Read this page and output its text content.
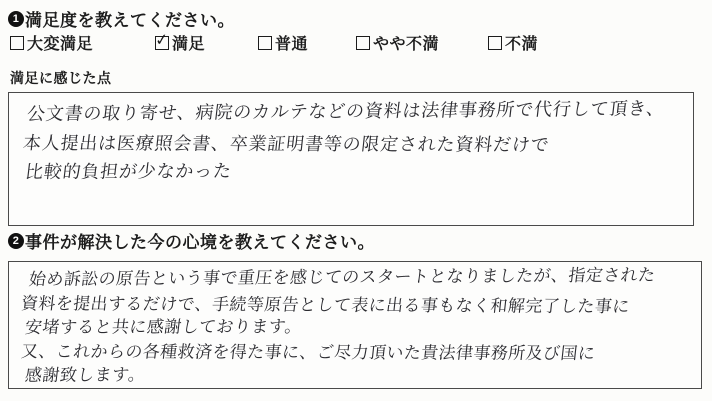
1 満足度を教えてください。
大変満足	✓ 満足	普通	やや不満	不満
満足に感じた点
公文書の取り寄せ、病院のカルテなどの資料は法律事務所で代行して頂き、
本人提出は医療照会書、卒業証明書等の限定された資料だけで
比較的負担が少なかった
2 事件が解決した今の心境を教えてください。
始め訴訟の原告という事で重圧を感じてのスタートとなりましたが、指定された
資料を提出するだけで、手続等原告として表に出る事もなく和解完了した事に
安堵すると共に感謝しております。
又、これからの各種救済を得た事に、ご尽力頂いた貴法律事務所及び国に
感謝致します。
